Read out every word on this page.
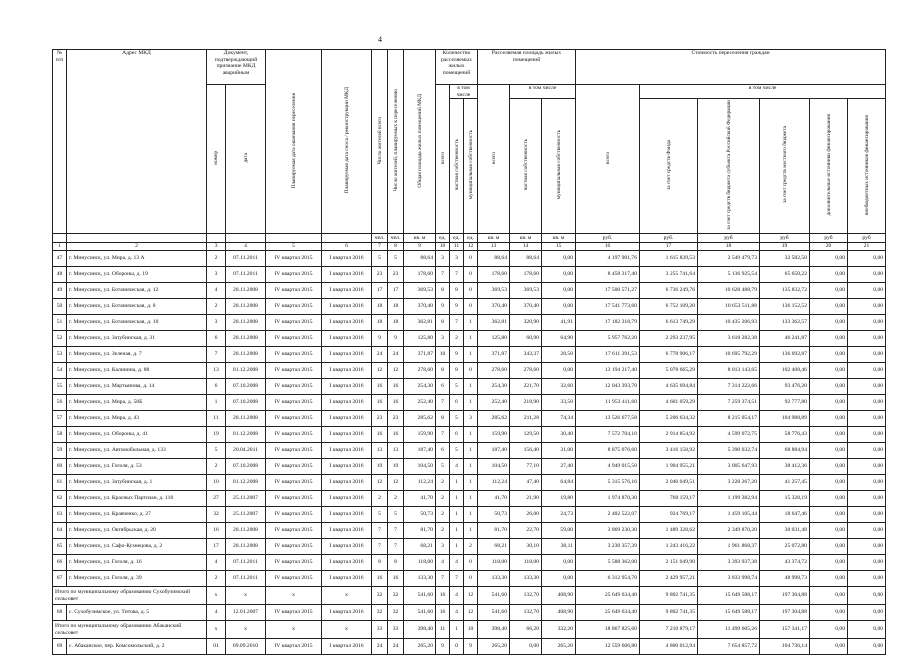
4
№ п/п	Адрес МКД	Документ, подтверждающий признание МКД аварийным		Планируемая дата окончания переселения	Планируемая дата сноса / реконструкции МКД	Число жителей всего	Число жителей, планируемых к переселению	Общая площадь жилых помещений МКД	Количество расселяемых жилых помещений			Расселяемая площадь жилых помещений			Стоимость переселения граждан					
		номер	дата						всего	в том числе		всего	в том числе		всего	в том числе				
										частная собственность	муниципальная собственность		частная собственность	муниципальная собственность		за счет средств Фонда	за счет средств бюджета субъекта Российской Федерации	за счет средств местного бюджета	дополнительные источники финансирования	внебюджетных источников финансирования
						чел.	чел.	кв. м	ед.	ед.	ед.	кв. м	кв. м	кв. м	руб.	руб.	руб	руб	руб	руб
1	2	3	4	5	6	7	8	9	10	11	12	13	14	15	16	17	18	19	20	21
47	г. Минусинск, ул. Мира, д. 13 А	2	07.11.2011	IV квартал 2015	I квартал 2016	5	5	88,64	3	3	0	88,64	88,64	0,00	4 197 901,76	1 615 839,53	2 549 479,73	32 582,50	0,00	0,00
48	г. Минусинск, ул. Обороны, д. 19	3	07.11.2011	IV квартал 2015	I квартал 2016	23	23	178,60	7	7	0	178,60	178,60	0,00	8 458 317,40	3 255 741,64	5 136 925,54	65 650,22	0,00	0,00
49	г. Минусинск, ул. Ботаническая, д. 12	4	28.11.2008	IV квартал 2015	I квартал 2016	17	17	369,53	8	8	0	369,53	369,53	0,00	17 500 571,27	6 736 249,76	10 628 488,79	135 832,72	0,00	0,00
50	г. Минусинск, ул. Ботаническая, д. 8	2	28.11.2008	IV квартал 2015	I квартал 2016	18	18	370,40	9	9	0	370,40	370,40	0,00	17 541 773,60	6 752 109,20	10 653 511,88	136 152,52	0,00	0,00
51	г. Минусинск, ул. Ботаническая, д. 10	3	28.11.2008	IV квартал 2015	I квартал 2016	18	18	362,81	8	7	1	362,81	320,90	41,91	17 182 318,79	6 613 749,29	10 435 206,93	133 362,57	0,00	0,00
52	г. Минусинск, ул. Затубинская, д. 31	6	28.11.2008	IV квартал 2015	I квартал 2016	9	9	125,80	3	2	1	125,80	60,90	64,90	5 957 762,20	2 293 237,95	3 618 282,38	46 241,87	0,00	0,00
53	г. Минусинск, ул. Зеленая, д. 7	7	28.11.2008	IV квартал 2015	I квартал 2016	24	24	371,87	10	9	1	371,87	343,37	28,50	17 611 391,53	6 778 906,17	10 695 792,29	136 692,87	0,00	0,00
54	г. Минусинск, ул. Калинина, д. 88	13	01.12.2008	IV квартал 2015	I квартал 2016	12	12	278,60	8	8	0	278,60	278,60	0,00	13 194 217,40	5 078 665,29	8 013 143,65	102 408,46	0,00	0,00
55	г. Минусинск, ул. Мартьянова, д. 14	6	07.10.2008	IV квартал 2015	I квартал 2016	16	16	254,30	6	5	1	254,30	221,70	32,60	12 043 393,70	4 635 694,84	7 314 222,66	93 476,20	0,00	0,00
56	г. Минусинск, ул. Мира, д. 58Б	1	07.10.2008	IV квартал 2015	I квартал 2016	16	16	252,40	7	6	1	252,40	218,90	33,50	11 953 411,60	4 601 059,29	7 259 374,51	92 777,80	0,00	0,00
57	г. Минусинск, ул. Мира, д. 43	11	28.11.2008	IV квартал 2015	I квартал 2016	23	23	285,62	8	5	3	285,62	211,28	74,34	13 526 677,58	5 206 634,32	8 215 054,17	104 988,89	0,00	0,00
58	г. Минусинск, ул. Обороны, д. 41	19	01.12.2008	IV квартал 2015	I квартал 2016	16	16	159,90	7	6	1	159,90	129,50	30,40	7 572 704,10	2 914 854,92	4 599 072,75	58 776,43	0,00	0,00
59	г. Минусинск, ул. Автомобильная, д. 133	5	20.04.2011	IV квартал 2015	I квартал 2016	13	13	187,40	6	5	1	187,40	156,40	31,00	8 875 076,60	3 416 158,92	5 390 032,74	68 884,94	0,00	0,00
60	г. Минусинск, ул. Гоголя, д. 53	2	07.10.2008	IV квартал 2015	I квартал 2016	19	19	104,50	5	4	1	104,50	77,10	27,40	4 949 015,50	1 904 955,21	3 005 647,93	38 412,36	0,00	0,00
61	г. Минусинск, ул. Затубинская, д. 1	10	01.12.2008	IV квартал 2015	I квартал 2016	12	12	112,24	2	1	1	112,24	47,40	64,84	5 315 576,16	2 046 049,51	3 228 267,20	41 257,45	0,00	0,00
62	г. Минусинск, ул. Красных Партизан, д. 110	27	25.11.2007	IV квартал 2015	I квартал 2016	2	2	41,70	2	1	1	41,70	21,90	19,80	1 974 870,30	760 159,17	1 199 382,94	15 328,19	0,00	0,00
63	г. Минусинск, ул. Кравченко, д. 27	32	25.11.2007	IV квартал 2015	I квартал 2016	5	5	50,73	2	1	1	50,73	26,00	24,73	2 402 522,07	924 769,17	1 459 105,44	18 647,46	0,00	0,00
64	г. Минусинск, ул. Октябрьская, д. 20	16	28.11.2008	IV квартал 2015	I квартал 2016	7	7	81,70	2	1	1	81,70	22,70	59,00	3 869 230,30	1 489 328,62	2 349 870,20	30 031,48	0,00	0,00
65	г. Минусинск, ул. Сафо-Кузнецова, д. 2	17	28.11.2008	IV квартал 2015	I квартал 2016	7	7	68,21	3	1	2	68,21	30,10	38,11	3 230 357,39	1 243 416,22	1 961 868,37	25 072,80	0,00	0,00
66	г. Минусинск, ул. Гоголя, д. 16	4	07.11.2011	IV квартал 2015	I квартал 2016	8	8	118,00	4	4	0	118,00	118,00	0,00	5 588 362,00	2 151 049,90	3 393 937,38	43 374,72	0,00	0,00
67	г. Минусинск, ул. Гоголя, д. 39	2	07.11.2011	IV квартал 2015	I квартал 2016	16	16	133,30	7	7	0	133,30	133,30	0,00	6 312 954,70	2 429 957,21	3 833 998,74	48 998,73	0,00	0,00
Итого по муниципальному образованию Сухобузимский сельсовет		x	x	x	x	32	32	541,60	16	4	12	541,60	132,70	408,90	25 649 634,40	9 802 741,35	15 649 588,17	197 304,88	0,00	0,00
68	с. Сухобузимское, ул. Титова, д. 5	4	12.01.2007	IV квартал 2015	I квартал 2016	32	32	541,60	16	4	12	541,60	132,70	408,90	25 649 634,40	9 802 741,35	15 649 588,17	197 304,88	0,00	0,00
Итого по муниципальному образованию Абаканский сельсовет		x	x	x	x	33	33	398,40	11	1	10	398,40	66,20	332,20	18 867 825,60	7 210 879,17	11 499 605,26	157 341,17	0,00	0,00
69	с. Абаканское, пер. Комсомольский, д. 2	01	09.09.2010	IV квартал 2015	I квартал 2016	24	24	265,20	9	0	9	265,20	0,00	265,20	12 559 606,80	4 800 012,94	7 654 857,72	104 736,14	0,00	0,00
